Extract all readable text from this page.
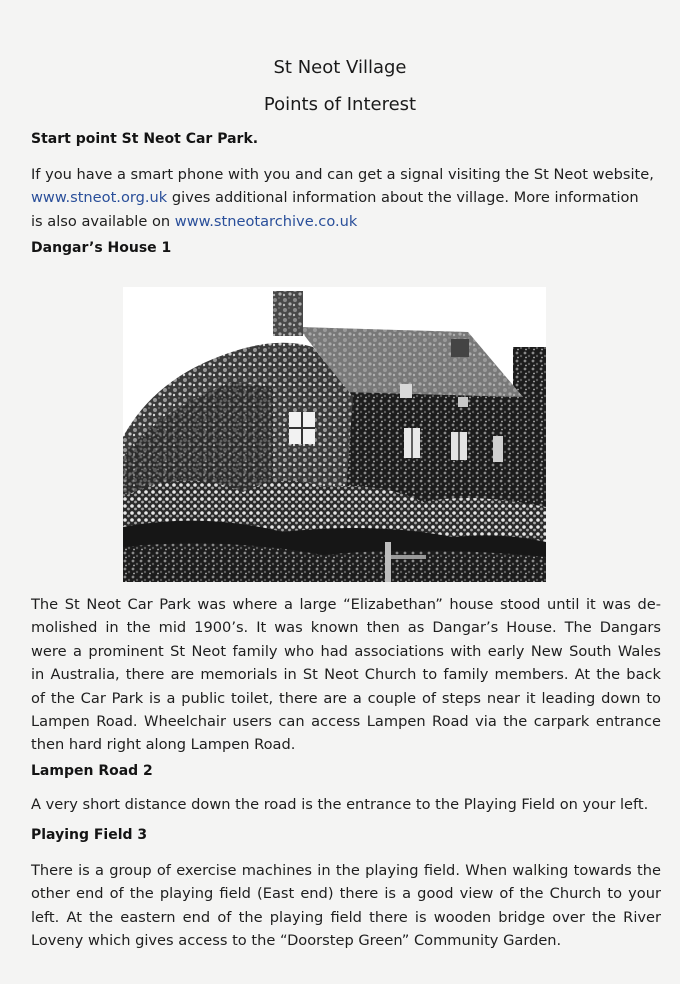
St Neot Village
Points of Interest
Start point St Neot Car Park.
If you have a smart phone with you and can get a signal visiting the St Neot website,
www.stneot.org.uk gives additional information about the village. More information
is also available on www.stneotarchive.co.uk
Dangar’s House 1
The St Neot Car Park was where a large “Elizabethan” house stood until it was de-
molished in the mid 1900’s. It was known then as Dangar’s House. The Dangars
were a prominent St Neot family who had associations with early New South Wales
in Australia, there are memorials in St Neot Church to family members. At the back
of the Car Park is a public toilet, there are a couple of steps near it leading down to
Lampen Road. Wheelchair users can access Lampen Road via the carpark entrance
then hard right along Lampen Road.
Lampen Road 2
A very short distance down the road is the entrance to the Playing Field on your left.
Playing Field 3
There is a group of exercise machines in the playing field. When walking towards the
other end of the playing field (East end) there is a good view of the Church to your
left. At the eastern end of the playing field there is wooden bridge over the River
Loveny which gives access to the “Doorstep Green” Community Garden.
